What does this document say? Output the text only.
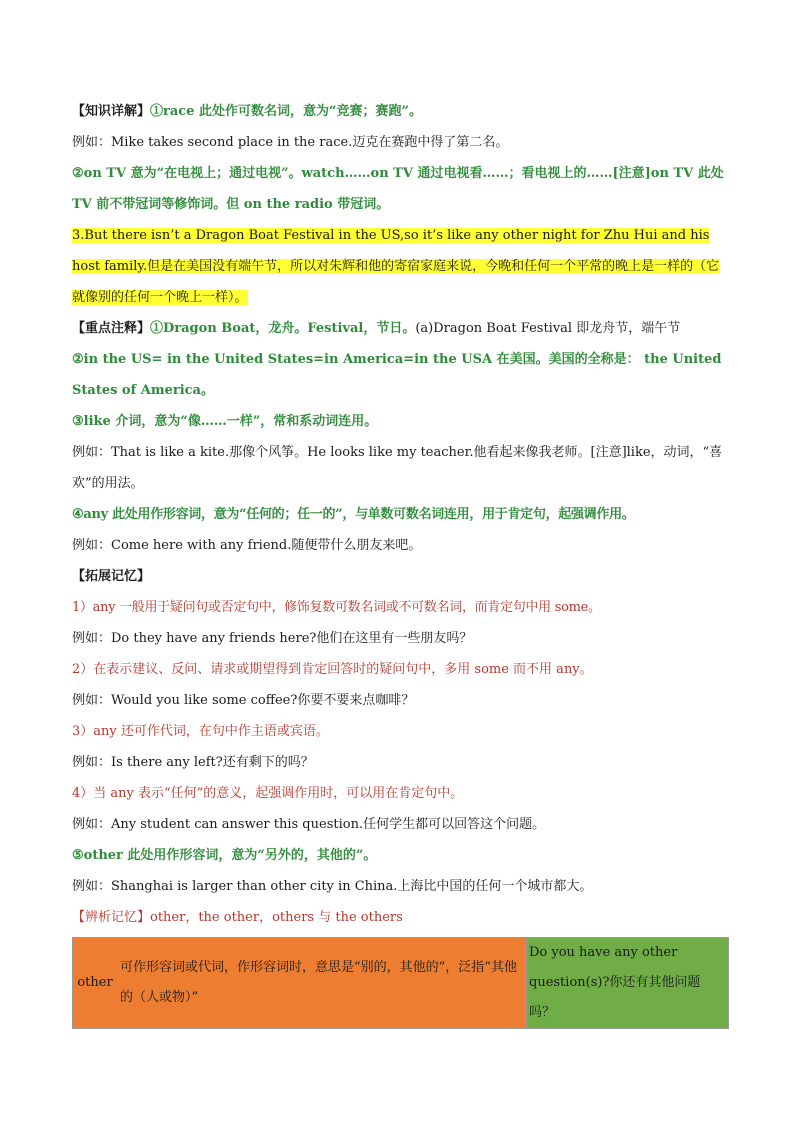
【知识详解】①race 此处作可数名词，意为“竞赛；赛跑”。
例如：Mike takes second place in the race.迈克在赛跑中得了第二名。
②on TV 意为“在电视上；通过电视”。watch……on TV 通过电视看……；看电视上的……[注意]on TV 此处 TV 前不带冠词等修饰词。但 on the radio 带冠词。
3.But there isn’t a Dragon Boat Festival in the US,so it’s like any other night for Zhu Hui and his host family.但是在美国没有端午节，所以对朱辉和他的寄宿家庭来说，今晚和任何一个平常的晚上是一样的（它就像别的任何一个晚上一样）。
【重点注释】①Dragon Boat，龙舟。Festival，节日。(a)Dragon Boat Festival 即龙舟节，端午节
②in the US= in the United States=in America=in the USA 在美国。美国的全称是： the United States of America。
③like 介词，意为“像……一样”，常和系动词连用。
例如：That is like a kite.那像个风筝。He looks like my teacher.他看起来像我老师。[注意]like，动词，“喜欢”的用法。
④any 此处用作形容词，意为“任何的；任一的”，与单数可数名词连用，用于肯定句，起强调作用。
例如：Come here with any friend.随便带什么朋友来吧。
【拓展记忆】
1）any 一般用于疑问句或否定句中，修饰复数可数名词或不可数名词，而肯定句中用 some。
例如：Do they have any friends here?他们在这里有一些朋友吗？
2）在表示建议、反问、请求或期望得到肯定回答时的疑问句中，多用 some 而不用 any。
例如：Would you like some coffee?你要不要来点咖啡？
3）any 还可作代词，在句中作主语或宾语。
例如：Is there any left?还有剩下的吗？
4）当 any 表示“任何”的意义，起强调作用时，可以用在肯定句中。
例如：Any student can answer this question.任何学生都可以回答这个问题。
⑤other 此处用作形容词，意为“另外的，其他的”。
例如：Shanghai is larger than other city in China.上海比中国的任何一个城市都大。
【辨析记忆】other，the other，others 与 the others
other	可作形容词或代词，作形容词时，意思是“别的，其他的”，泛指“其他的（人或物）”	Do you have any other question(s)?你还有其他问题吗？
